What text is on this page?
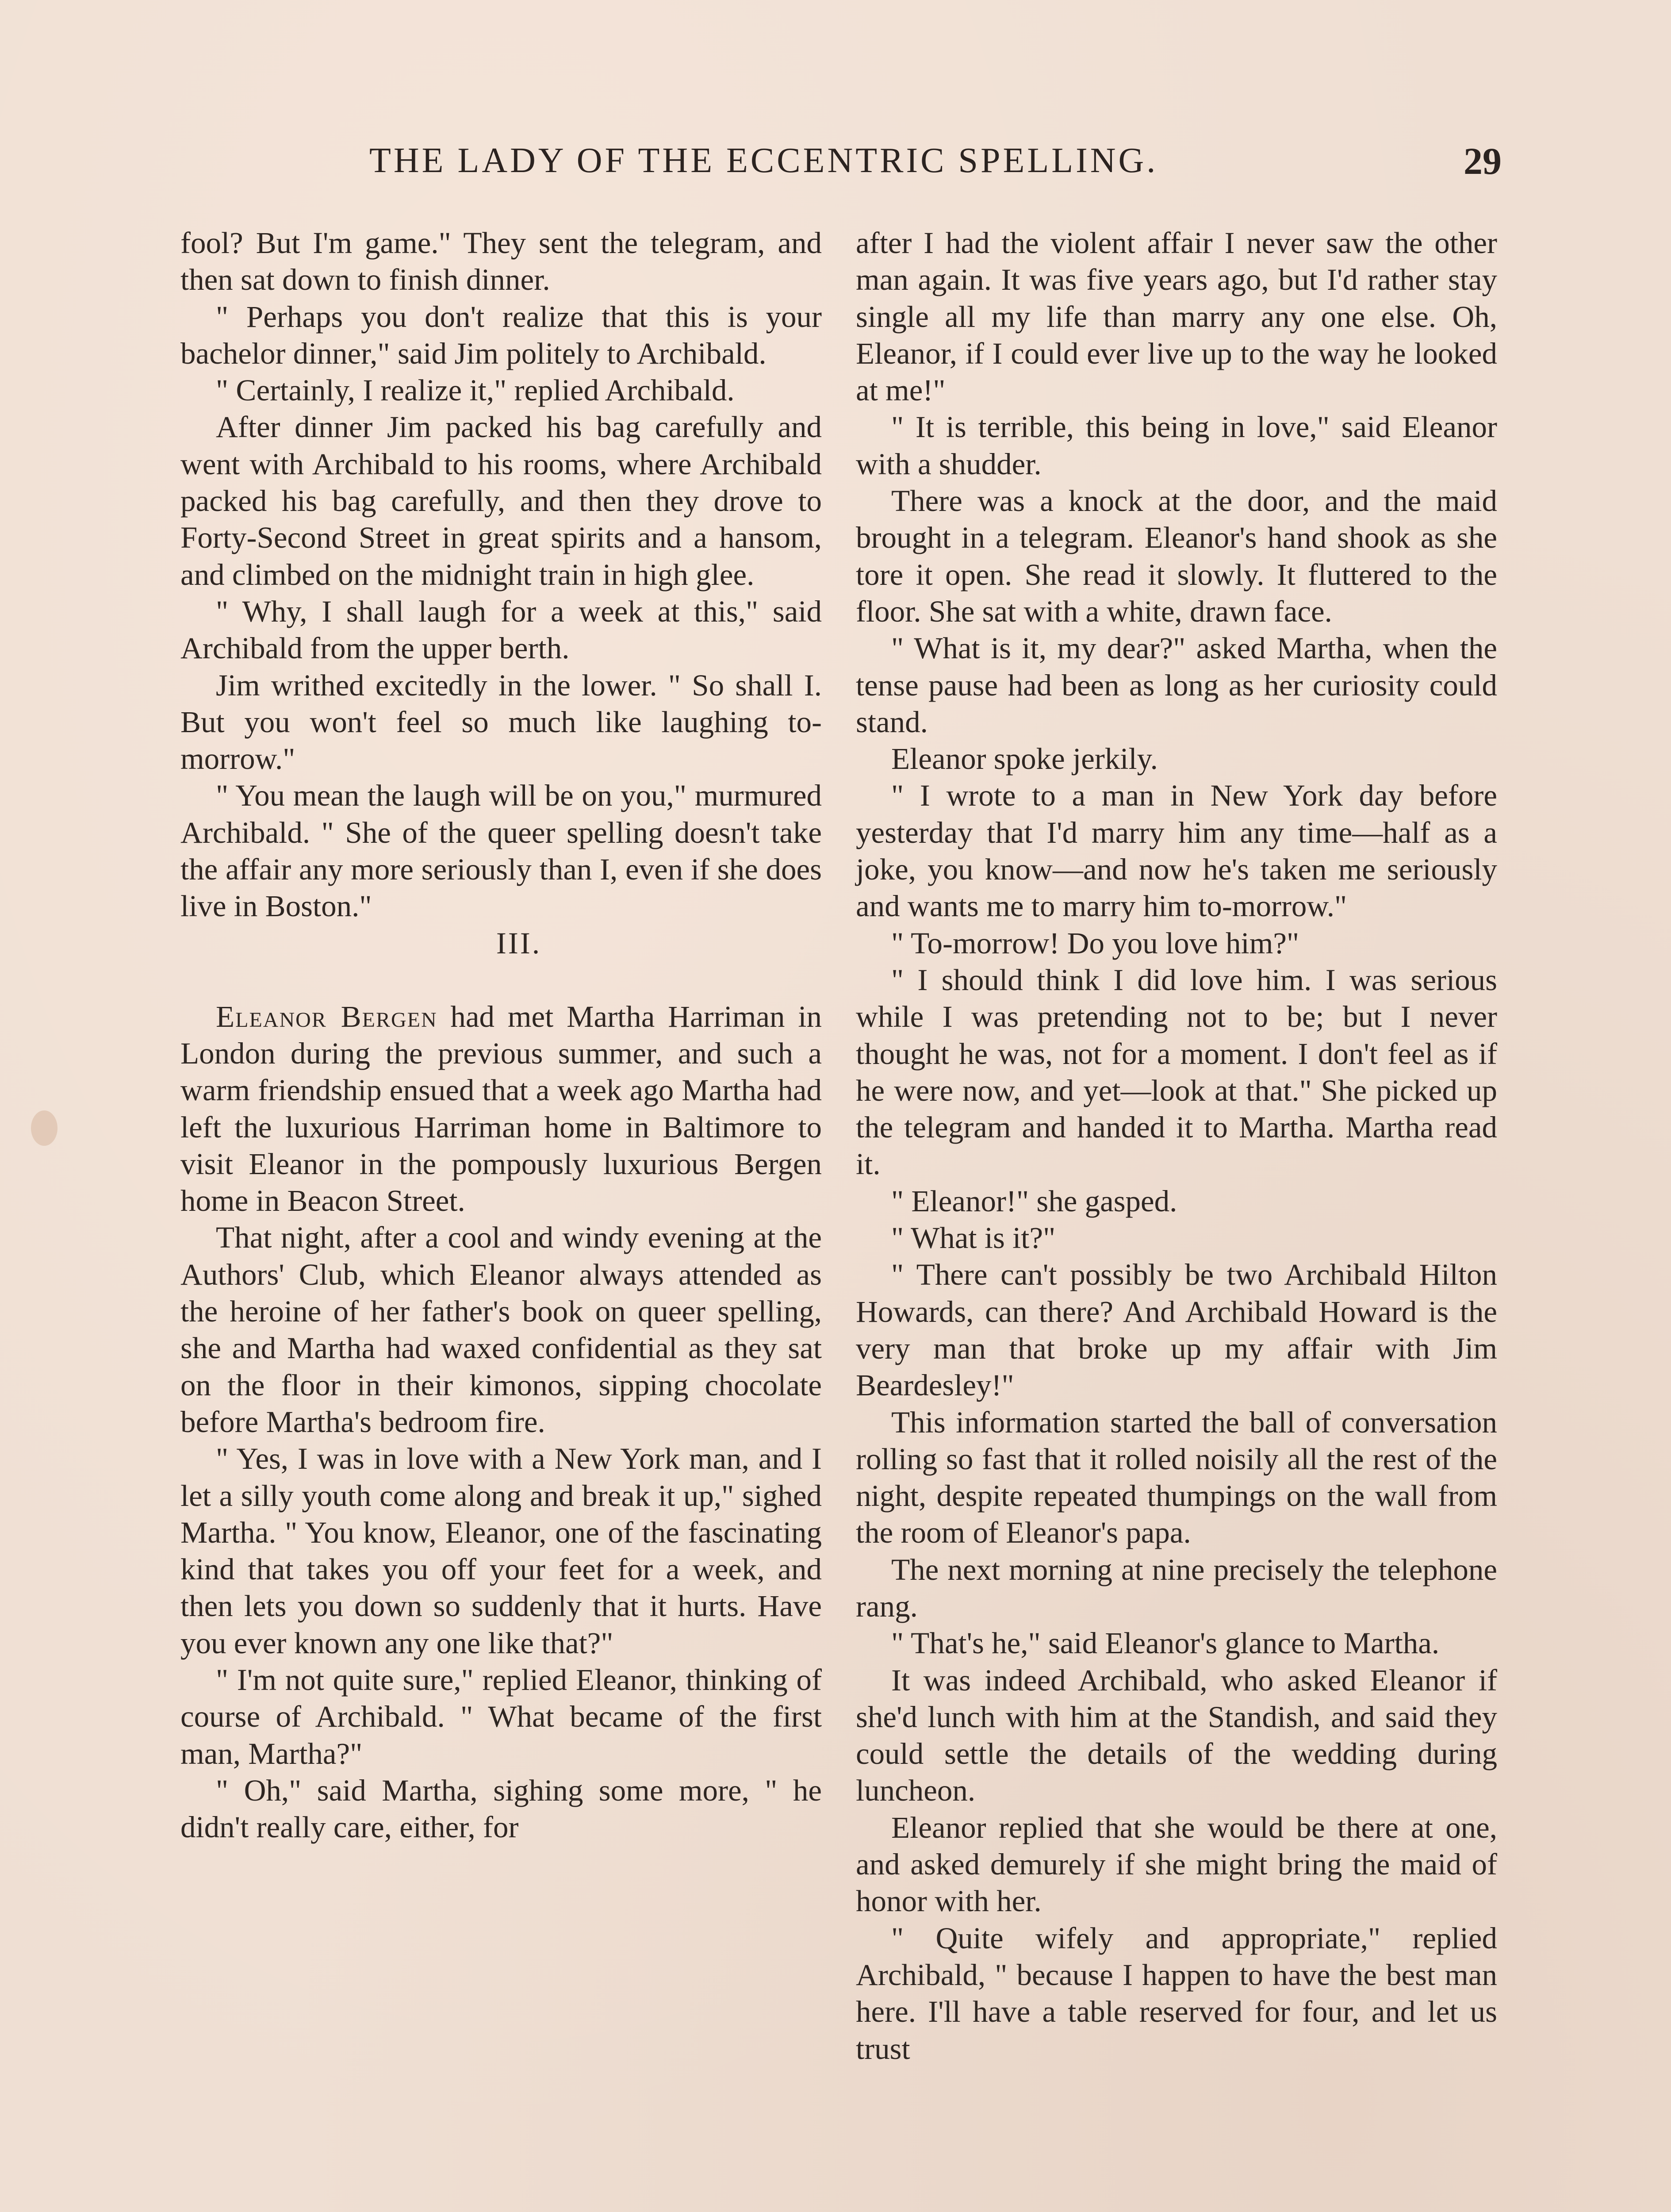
THE LADY OF THE ECCENTRIC SPELLING.	29

fool? But I'm game." They sent the telegram, and then sat down to finish dinner.

" Perhaps you don't realize that this is your bachelor dinner," said Jim politely to Archibald.

" Certainly, I realize it," replied Archibald.

After dinner Jim packed his bag carefully and went with Archibald to his rooms, where Archibald packed his bag carefully, and then they drove to Forty-Second Street in great spirits and a hansom, and climbed on the midnight train in high glee.

" Why, I shall laugh for a week at this," said Archibald from the upper berth.

Jim writhed excitedly in the lower. " So shall I. But you won't feel so much like laughing to-morrow."

" You mean the laugh will be on you," murmured Archibald. " She of the queer spelling doesn't take the affair any more seriously than I, even if she does live in Boston."

III.

Eleanor Bergen had met Martha Harriman in London during the previous summer, and such a warm friendship ensued that a week ago Martha had left the luxurious Harriman home in Baltimore to visit Eleanor in the pompously luxurious Bergen home in Beacon Street.

That night, after a cool and windy evening at the Authors' Club, which Eleanor always attended as the heroine of her father's book on queer spelling, she and Martha had waxed confidential as they sat on the floor in their kimonos, sipping chocolate before Martha's bedroom fire.

" Yes, I was in love with a New York man, and I let a silly youth come along and break it up," sighed Martha. " You know, Eleanor, one of the fascinating kind that takes you off your feet for a week, and then lets you down so suddenly that it hurts. Have you ever known any one like that?"

" I'm not quite sure," replied Eleanor, thinking of course of Archibald. " What became of the first man, Martha?"

" Oh," said Martha, sighing some more, " he didn't really care, either, for

after I had the violent affair I never saw the other man again. It was five years ago, but I'd rather stay single all my life than marry any one else. Oh, Eleanor, if I could ever live up to the way he looked at me!"

" It is terrible, this being in love," said Eleanor with a shudder.

There was a knock at the door, and the maid brought in a telegram. Eleanor's hand shook as she tore it open. She read it slowly. It fluttered to the floor. She sat with a white, drawn face.

" What is it, my dear?" asked Martha, when the tense pause had been as long as her curiosity could stand.

Eleanor spoke jerkily.

" I wrote to a man in New York day before yesterday that I'd marry him any time—half as a joke, you know—and now he's taken me seriously and wants me to marry him to-morrow."

" To-morrow! Do you love him?"

" I should think I did love him. I was serious while I was pretending not to be; but I never thought he was, not for a moment. I don't feel as if he were now, and yet—look at that." She picked up the telegram and handed it to Martha. Martha read it.

" Eleanor!" she gasped.

" What is it?"

" There can't possibly be two Archibald Hilton Howards, can there? And Archibald Howard is the very man that broke up my affair with Jim Beardesley!"

This information started the ball of conversation rolling so fast that it rolled noisily all the rest of the night, despite repeated thumpings on the wall from the room of Eleanor's papa.

The next morning at nine precisely the telephone rang.

" That's he," said Eleanor's glance to Martha.

It was indeed Archibald, who asked Eleanor if she'd lunch with him at the Standish, and said they could settle the details of the wedding during luncheon.

Eleanor replied that she would be there at one, and asked demurely if she might bring the maid of honor with her.

" Quite wifely and appropriate," replied Archibald, " because I happen to have the best man here. I'll have a table reserved for four, and let us trust
